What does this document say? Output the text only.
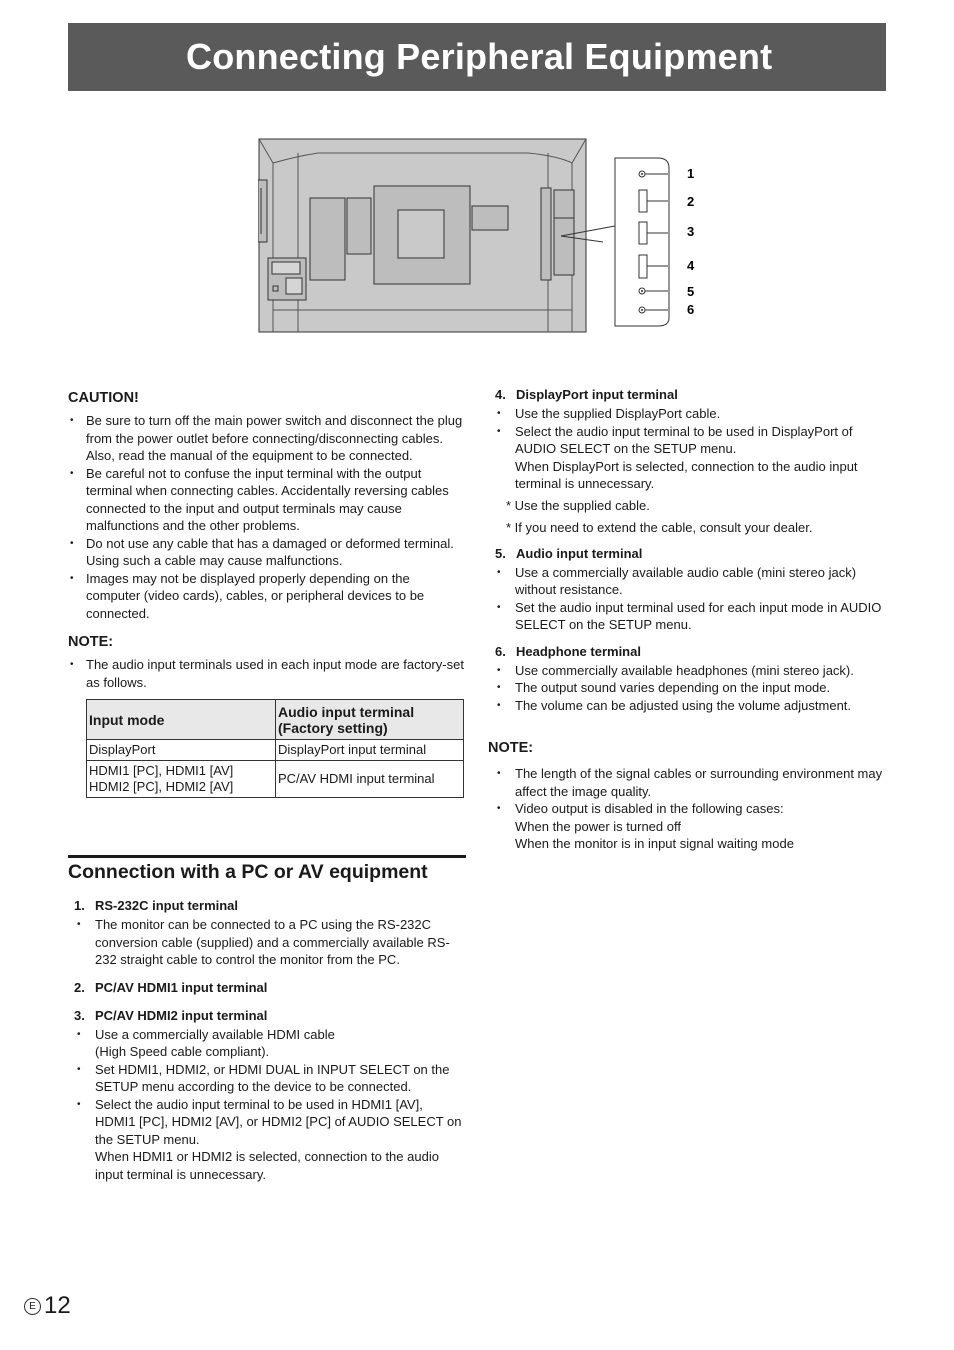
Connecting Peripheral Equipment
1
2
3
4
5
6
CAUTION!
• Be sure to turn off the main power switch and disconnect the plug from the power outlet before connecting/disconnecting cables. Also, read the manual of the equipment to be connected.
• Be careful not to confuse the input terminal with the output terminal when connecting cables. Accidentally reversing cables connected to the input and output terminals may cause malfunctions and the other problems.
• Do not use any cable that has a damaged or deformed terminal. Using such a cable may cause malfunctions.
• Images may not be displayed properly depending on the computer (video cards), cables, or peripheral devices to be connected.
NOTE:
• The audio input terminals used in each input mode are factory-set as follows.
Input mode	Audio input terminal (Factory setting)
DisplayPort	DisplayPort input terminal

HDMI1 [PC], HDMI1 [AV]
HDMI2 [PC], HDMI2 [AV]	PC/AV HDMI input terminal
Connection with a PC or AV equipment
1. RS-232C input terminal
• The monitor can be connected to a PC using the RS-232C conversion cable (supplied) and a commercially available RS-232 straight cable to control the monitor from the PC.
2. PC/AV HDMI1 input terminal
3. PC/AV HDMI2 input terminal
• Use a commercially available HDMI cable
(High Speed cable compliant).
• Set HDMI1, HDMI2, or HDMI DUAL in INPUT SELECT on the SETUP menu according to the device to be connected.
• Select the audio input terminal to be used in HDMI1 [AV], HDMI1 [PC], HDMI2 [AV], or HDMI2 [PC] of AUDIO SELECT on the SETUP menu.
When HDMI1 or HDMI2 is selected, connection to the audio input terminal is unnecessary.
4. DisplayPort input terminal
• Use the supplied DisplayPort cable.
• Select the audio input terminal to be used in DisplayPort of AUDIO SELECT on the SETUP menu.
When DisplayPort is selected, connection to the audio input terminal is unnecessary.
* Use the supplied cable.
* If you need to extend the cable, consult your dealer.
5. Audio input terminal
• Use a commercially available audio cable (mini stereo jack) without resistance.
• Set the audio input terminal used for each input mode in AUDIO SELECT on the SETUP menu.
6. Headphone terminal
• Use commercially available headphones (mini stereo jack).
• The output sound varies depending on the input mode.
• The volume can be adjusted using the volume adjustment.
NOTE:
• The length of the signal cables or surrounding environment may affect the image quality.
• Video output is disabled in the following cases:
When the power is turned off
When the monitor is in input signal waiting mode
E 12
